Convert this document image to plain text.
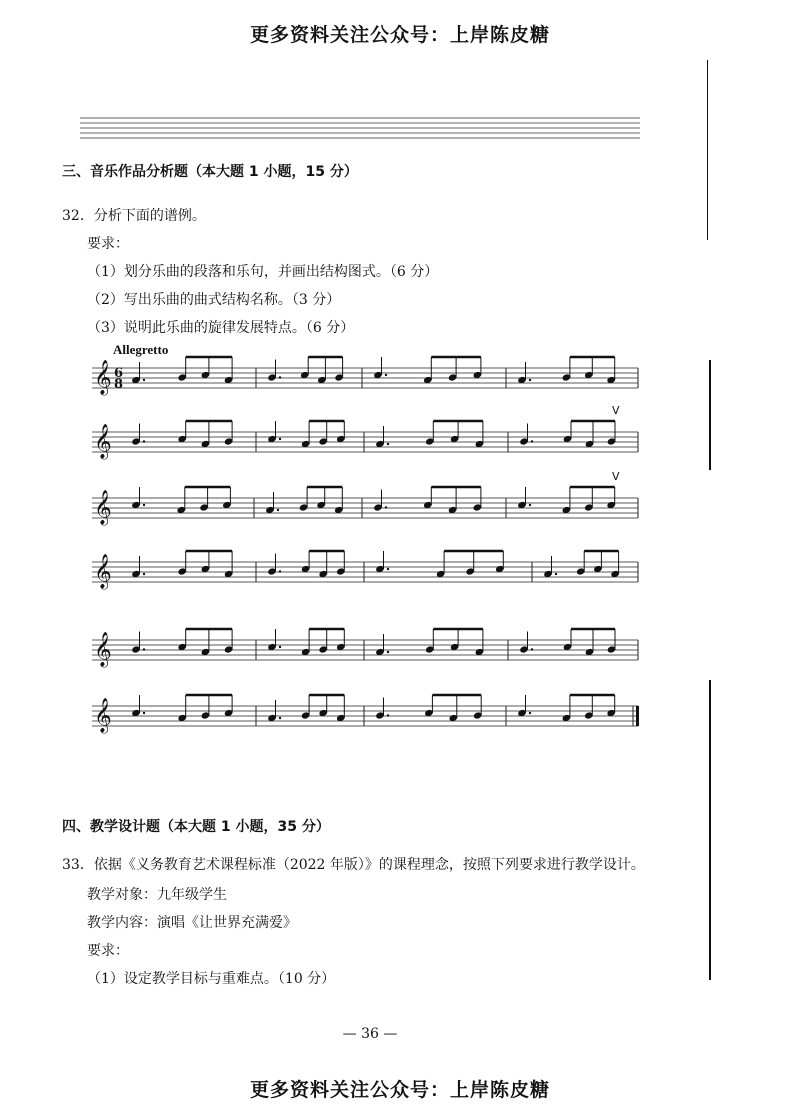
更多资料关注公众号：上岸陈皮糖
三、音乐作品分析题（本大题 1 小题，15 分）
32．分析下面的谱例。
要求：
（1）划分乐曲的段落和乐句，并画出结构图式。（6 分）
（2）写出乐曲的曲式结构名称。（3 分）
（3）说明此乐曲的旋律发展特点。（6 分）
Allegretto
𝄞
𝄞
𝄞
𝄞
𝄞
𝄞
6
8
V
V
四、教学设计题（本大题 1 小题，35 分）
33．依据《义务教育艺术课程标准（2022 年版）》的课程理念，按照下列要求进行教学设计。
教学对象：九年级学生
教学内容：演唱《让世界充满爱》
要求：
（1）设定教学目标与重难点。（10 分）
— 36 —
更多资料关注公众号：上岸陈皮糖
